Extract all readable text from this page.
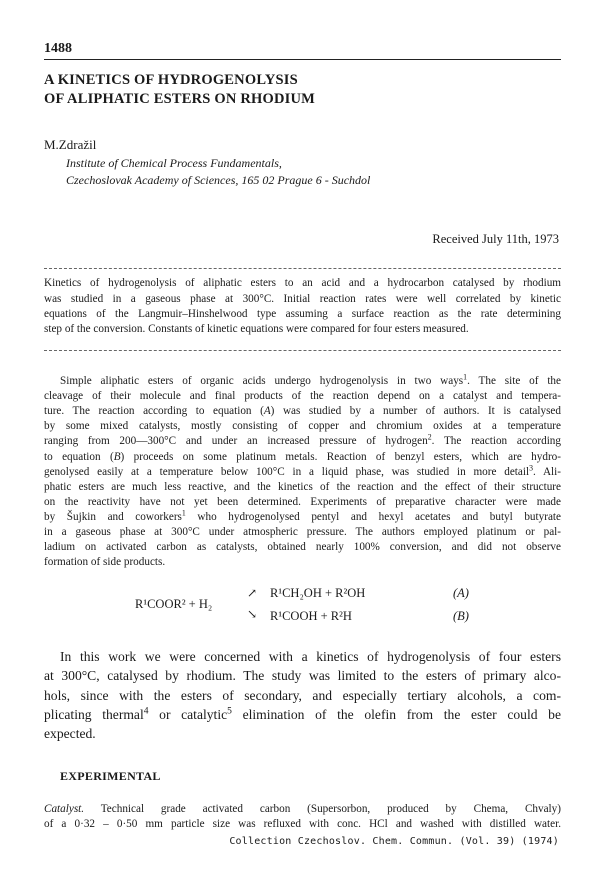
1488
A KINETICS OF HYDROGENOLYSIS
OF ALIPHATIC ESTERS ON RHODIUM
M.Zdražil
Institute of Chemical Process Fundamentals,
Czechoslovak Academy of Sciences, 165 02 Prague 6 - Suchdol
Received July 11th, 1973
Kinetics of hydrogenolysis of aliphatic esters to an acid and a hydrocarbon catalysed by rhodium
was studied in a gaseous phase at 300°C. Initial reaction rates were well correlated by kinetic
equations of the Langmuir–Hinshelwood type assuming a surface reaction as the rate determining
step of the conversion. Constants of kinetic equations were compared for four esters measured.
Simple aliphatic esters of organic acids undergo hydrogenolysis in two ways$^1$. The site of the
cleavage of their molecule and final products of the reaction depend on a catalyst and tempera-
ture. The reaction according to equation (A) was studied by a number of authors. It is catalysed
by some mixed catalysts, mostly consisting of copper and chromium oxides at a temperature
ranging from 200—300°C and under an increased pressure of hydrogen$^2$. The reaction according
to equation (B) proceeds on some platinum metals. Reaction of benzyl esters, which are hydro-
genolysed easily at a temperature below 100°C in a liquid phase, was studied in more detail$^3$. Ali-
phatic esters are much less reactive, and the kinetics of the reaction and the effect of their structure
on the reactivity have not yet been determined. Experiments of preparative character were made
by Šujkin and coworkers$^1$ who hydrogenolysed pentyl and hexyl acetates and butyl butyrate
in a gaseous phase at 300°C under atmospheric pressure. The authors employed platinum or pal-
ladium on activated carbon as catalysts, obtained nearly 100% conversion, and did not observe
formation of side products.
R¹COOR² + H₂
↗
↘
R¹CH₂OH + R²OH
R¹COOH + R²H
(A)
(B)
In this work we were concerned with a kinetics of hydrogenolysis of four esters
at 300°C, catalysed by rhodium. The study was limited to the esters of primary alco-
hols, since with the esters of secondary, and especially tertiary alcohols, a com-
plicating thermal$^4$ or catalytic$^5$ elimination of the olefin from the ester could be
expected.
EXPERIMENTAL
Catalyst. Technical grade activated carbon (Supersorbon, produced by Chema, Chvaly)
of a 0·32 – 0·50 mm particle size was refluxed with conc. HCl and washed with distilled water.
Collection Czechoslov. Chem. Commun. (Vol. 39) (1974)
